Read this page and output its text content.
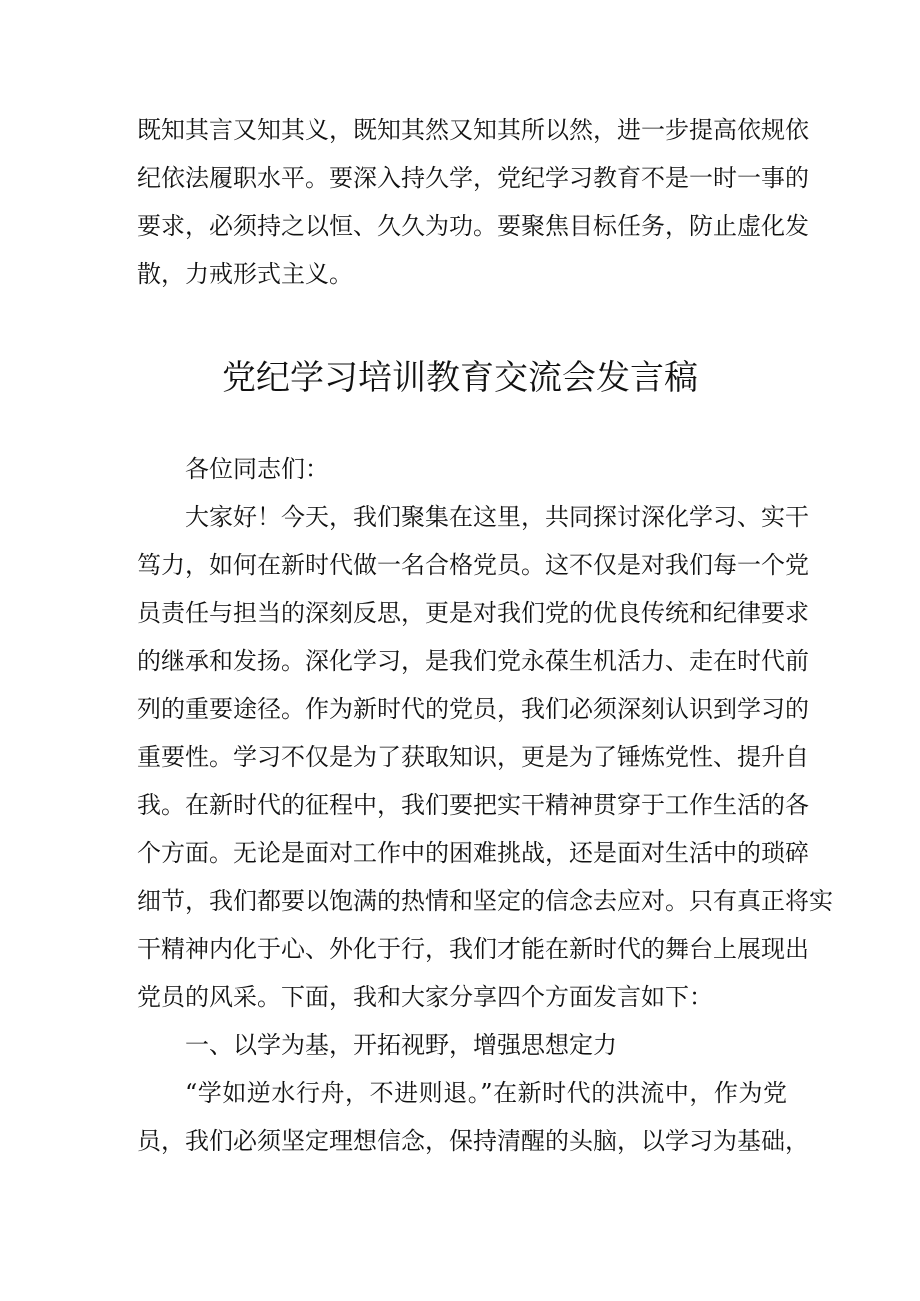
既知其言又知其义，既知其然又知其所以然，进一步提高依规依
纪依法履职水平。要深入持久学，党纪学习教育不是一时一事的
要求，必须持之以恒、久久为功。要聚焦目标任务，防止虚化发
散，力戒形式主义。
党纪学习培训教育交流会发言稿
各位同志们：
大家好！今天，我们聚集在这里，共同探讨深化学习、实干
笃力，如何在新时代做一名合格党员。这不仅是对我们每一个党
员责任与担当的深刻反思，更是对我们党的优良传统和纪律要求
的继承和发扬。深化学习，是我们党永葆生机活力、走在时代前
列的重要途径。作为新时代的党员，我们必须深刻认识到学习的
重要性。学习不仅是为了获取知识，更是为了锤炼党性、提升自
我。在新时代的征程中，我们要把实干精神贯穿于工作生活的各
个方面。无论是面对工作中的困难挑战，还是面对生活中的琐碎
细节，我们都要以饱满的热情和坚定的信念去应对。只有真正将实
干精神内化于心、外化于行，我们才能在新时代的舞台上展现出
党员的风采。下面，我和大家分享四个方面发言如下：
一、以学为基，开拓视野，增强思想定力
“学如逆水行舟，不进则退。”在新时代的洪流中，作为党
员，我们必须坚定理想信念，保持清醒的头脑，以学习为基础，
